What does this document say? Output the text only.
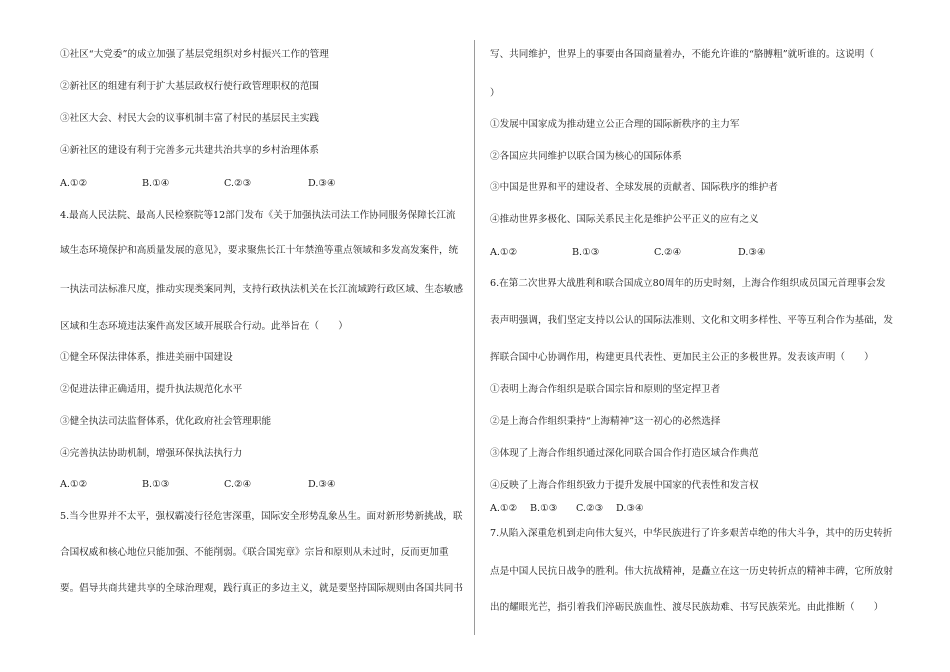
①社区“大党委”的成立加强了基层党组织对乡村振兴工作的管理
②新社区的组建有利于扩大基层政权行使行政管理职权的范围
③社区大会、村民大会的议事机制丰富了村民的基层民主实践
④新社区的建设有利于完善多元共建共治共享的乡村治理体系
A.①②	B.①④	C.②③	D.③④
4.最高人民法院、最高人民检察院等12部门发布《关于加强执法司法工作协同服务保障长江流
域生态环境保护和高质量发展的意见》，要求聚焦长江十年禁渔等重点领域和多发高发案件，统
一执法司法标准尺度，推动实现类案同判，支持行政执法机关在长江流域跨行政区域、生态敏感
区域和生态环境违法案件高发区域开展联合行动。此举旨在（　　）
①健全环保法律体系，推进美丽中国建设
②促进法律正确适用，提升执法规范化水平
③健全执法司法监督体系，优化政府社会管理职能
④完善执法协助机制，增强环保执法执行力
A.①②	B.①③	C.②④	D.③④
5.当今世界并不太平，强权霸凌行径危害深重，国际安全形势乱象丛生。面对新形势新挑战，联
合国权威和核心地位只能加强、不能削弱。《联合国宪章》宗旨和原则从未过时，反而更加重
要。倡导共商共建共享的全球治理观，践行真正的多边主义，就是要坚持国际规则由各国共同书
写、共同维护，世界上的事要由各国商量着办，不能允许谁的“胳膊粗”就听谁的。这说明（
）
①发展中国家成为推动建立公正合理的国际新秩序的主力军
②各国应共同维护以联合国为核心的国际体系
③中国是世界和平的建设者、全球发展的贡献者、国际秩序的维护者
④推动世界多极化、国际关系民主化是维护公平正义的应有之义
A.①②	B.①③	C.②④	D.③④
6.在第二次世界大战胜利和联合国成立80周年的历史时刻，上海合作组织成员国元首理事会发
表声明强调，我们坚定支持以公认的国际法准则、文化和文明多样性、平等互利合作为基础，发
挥联合国中心协调作用，构建更具代表性、更加民主公正的多极世界。发表该声明（　　）
①表明上海合作组织是联合国宗旨和原则的坚定捍卫者
②是上海合作组织秉持“上海精神”这一初心的必然选择
③体现了上海合作组织通过深化同联合国合作打造区域合作典范
④反映了上海合作组织致力于提升发展中国家的代表性和发言权
A.①② B.①③ C.②③ D.③④
7.从陷入深重危机到走向伟大复兴，中华民族进行了许多艰苦卓绝的伟大斗争，其中的历史转折
点是中国人民抗日战争的胜利。伟大抗战精神，是矗立在这一历史转折点的精神丰碑，它所放射
出的耀眼光芒，指引着我们淬砺民族血性、渡尽民族劫难、书写民族荣光。由此推断（　　）
